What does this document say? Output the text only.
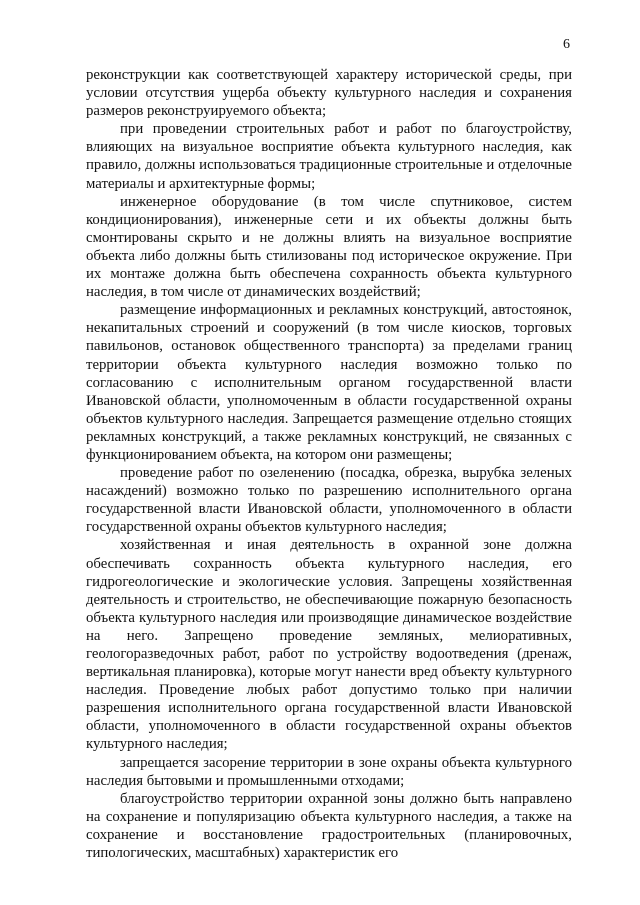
6

реконструкции как соответствующей характеру исторической среды, при условии отсутствия ущерба объекту культурного наследия и сохранения размеров реконструируемого объекта;

при проведении строительных работ и работ по благоустройству, влияющих на визуальное восприятие объекта культурного наследия, как правило, должны использоваться традиционные строительные и отделочные материалы и архитектурные формы;

инженерное оборудование (в том числе спутниковое, систем кондиционирования), инженерные сети и их объекты должны быть смонтированы скрыто и не должны влиять на визуальное восприятие объекта либо должны быть стилизованы под историческое окружение. При их монтаже должна быть обеспечена сохранность объекта культурного наследия, в том числе от динамических воздействий;

размещение информационных и рекламных конструкций, автостоянок, некапитальных строений и сооружений (в том числе киосков, торговых павильонов, остановок общественного транспорта) за пределами границ территории объекта культурного наследия возможно только по согласованию с исполнительным органом государственной власти Ивановской области, уполномоченным в области государственной охраны объектов культурного наследия. Запрещается размещение отдельно стоящих рекламных конструкций, а также рекламных конструкций, не связанных с функционированием объекта, на котором они размещены;

проведение работ по озеленению (посадка, обрезка, вырубка зеленых насаждений) возможно только по разрешению исполнительного органа государственной власти Ивановской области, уполномоченного в области государственной охраны объектов культурного наследия;

хозяйственная и иная деятельность в охранной зоне должна обеспечивать сохранность объекта культурного наследия, его гидрогеологические и экологические условия. Запрещены хозяйственная деятельность и строительство, не обеспечивающие пожарную безопасность объекта культурного наследия или производящие динамическое воздействие на него. Запрещено проведение земляных, мелиоративных, геологоразведочных работ, работ по устройству водоотведения (дренаж, вертикальная планировка), которые могут нанести вред объекту культурного наследия. Проведение любых работ допустимо только при наличии разрешения исполнительного органа государственной власти Ивановской области, уполномоченного в области государственной охраны объектов культурного наследия;

запрещается засорение территории в зоне охраны объекта культурного наследия бытовыми и промышленными отходами;

благоустройство территории охранной зоны должно быть направлено на сохранение и популяризацию объекта культурного наследия, а также на сохранение и восстановление градостроительных (планировочных, типологических, масштабных) характеристик его
